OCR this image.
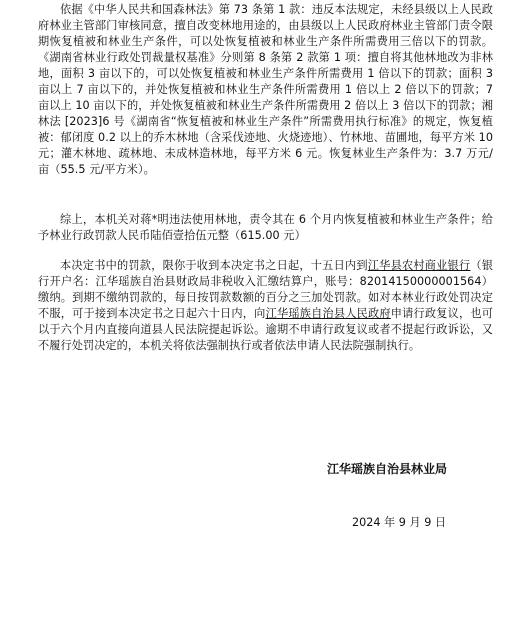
依据《中华人民共和国森林法》第 73 条第 1 款：违反本法规定，未经县级以上人民政府林业主管部门审核同意，擅自改变林地用途的，由县级以上人民政府林业主管部门责令限期恢复植被和林业生产条件，可以处恢复植被和林业生产条件所需费用三倍以下的罚款。《湖南省林业行政处罚裁量权基准》分则第 8 条第 2 款第 1 项：擅自将其他林地改为非林地，面积 3 亩以下的，可以处恢复植被和林业生产条件所需费用 1 倍以下的罚款；面积 3 亩以上 7 亩以下的，并处恢复植被和林业生产条件所需费用 1 倍以上 2 倍以下的罚款；7 亩以上 10 亩以下的，并处恢复植被和林业生产条件所需费用 2 倍以上 3 倍以下的罚款；湘林法 [2023]6 号《湖南省“恢复植被和林业生产条件”所需费用执行标准》的规定，恢复植被：郁闭度 0.2 以上的乔木林地（含采伐迹地、火烧迹地）、竹林地、苗圃地，每平方米 10 元；灌木林地、疏林地、未成林造林地，每平方米 6 元。恢复林业生产条件为：3.7 万元/亩（55.5 元/平方米）。

综上，本机关对蒋*明违法使用林地，责令其在 6 个月内恢复植被和林业生产条件；给予林业行政罚款人民币陆佰壹拾伍元整（615.00 元）

本决定书中的罚款，限你于收到本决定书之日起，十五日内到江华县农村商业银行（银行开户名：江华瑶族自治县财政局非税收入汇缴结算户，账号：82014150000001564）缴纳。到期不缴纳罚款的，每日按罚款数额的百分之三加处罚款。如对本林业行政处罚决定不服，可于接到本决定书之日起六十日内，向江华瑶族自治县人民政府申请行政复议，也可以于六个月内直接向道县人民法院提起诉讼。逾期不申请行政复议或者不提起行政诉讼，又不履行处罚决定的，本机关将依法强制执行或者依法申请人民法院强制执行。

江华瑶族自治县林业局

2024 年 9 月 9 日
